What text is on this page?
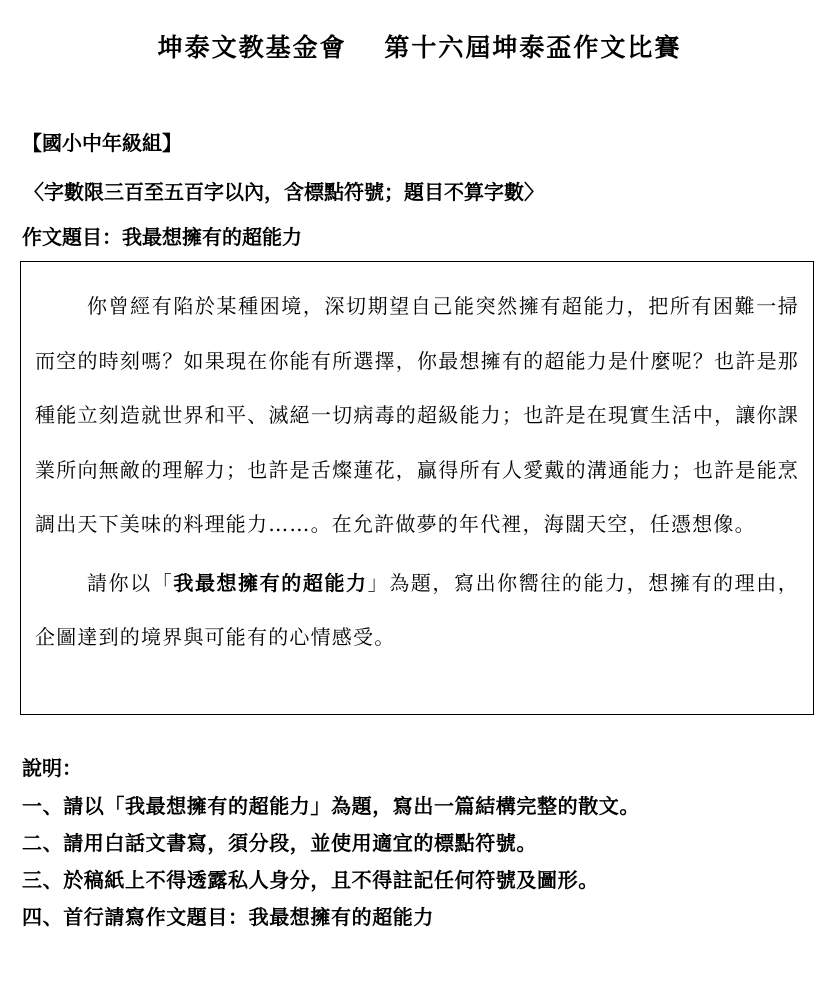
坤泰文教基金會　 第十六屆坤泰盃作文比賽
【國小中年級組】
〈字數限三百至五百字以內，含標點符號；題目不算字數〉
作文題目：我最想擁有的超能力

你曾經有陷於某種困境，深切期望自己能突然擁有超能力，把所有困難一掃而空的時刻嗎？如果現在你能有所選擇，你最想擁有的超能力是什麼呢？也許是那種能立刻造就世界和平、滅絕一切病毒的超級能力；也許是在現實生活中，讓你課業所向無敵的理解力；也許是舌燦蓮花，贏得所有人愛戴的溝通能力；也許是能烹調出天下美味的料理能力……。在允許做夢的年代裡，海闊天空，任憑想像。

請你以「我最想擁有的超能力」為題，寫出你嚮往的能力，想擁有的理由，企圖達到的境界與可能有的心情感受。

說明：
一、請以「我最想擁有的超能力」為題，寫出一篇結構完整的散文。
二、請用白話文書寫，須分段，並使用適宜的標點符號。
三、於稿紙上不得透露私人身分，且不得註記任何符號及圖形。
四、首行請寫作文題目：我最想擁有的超能力
